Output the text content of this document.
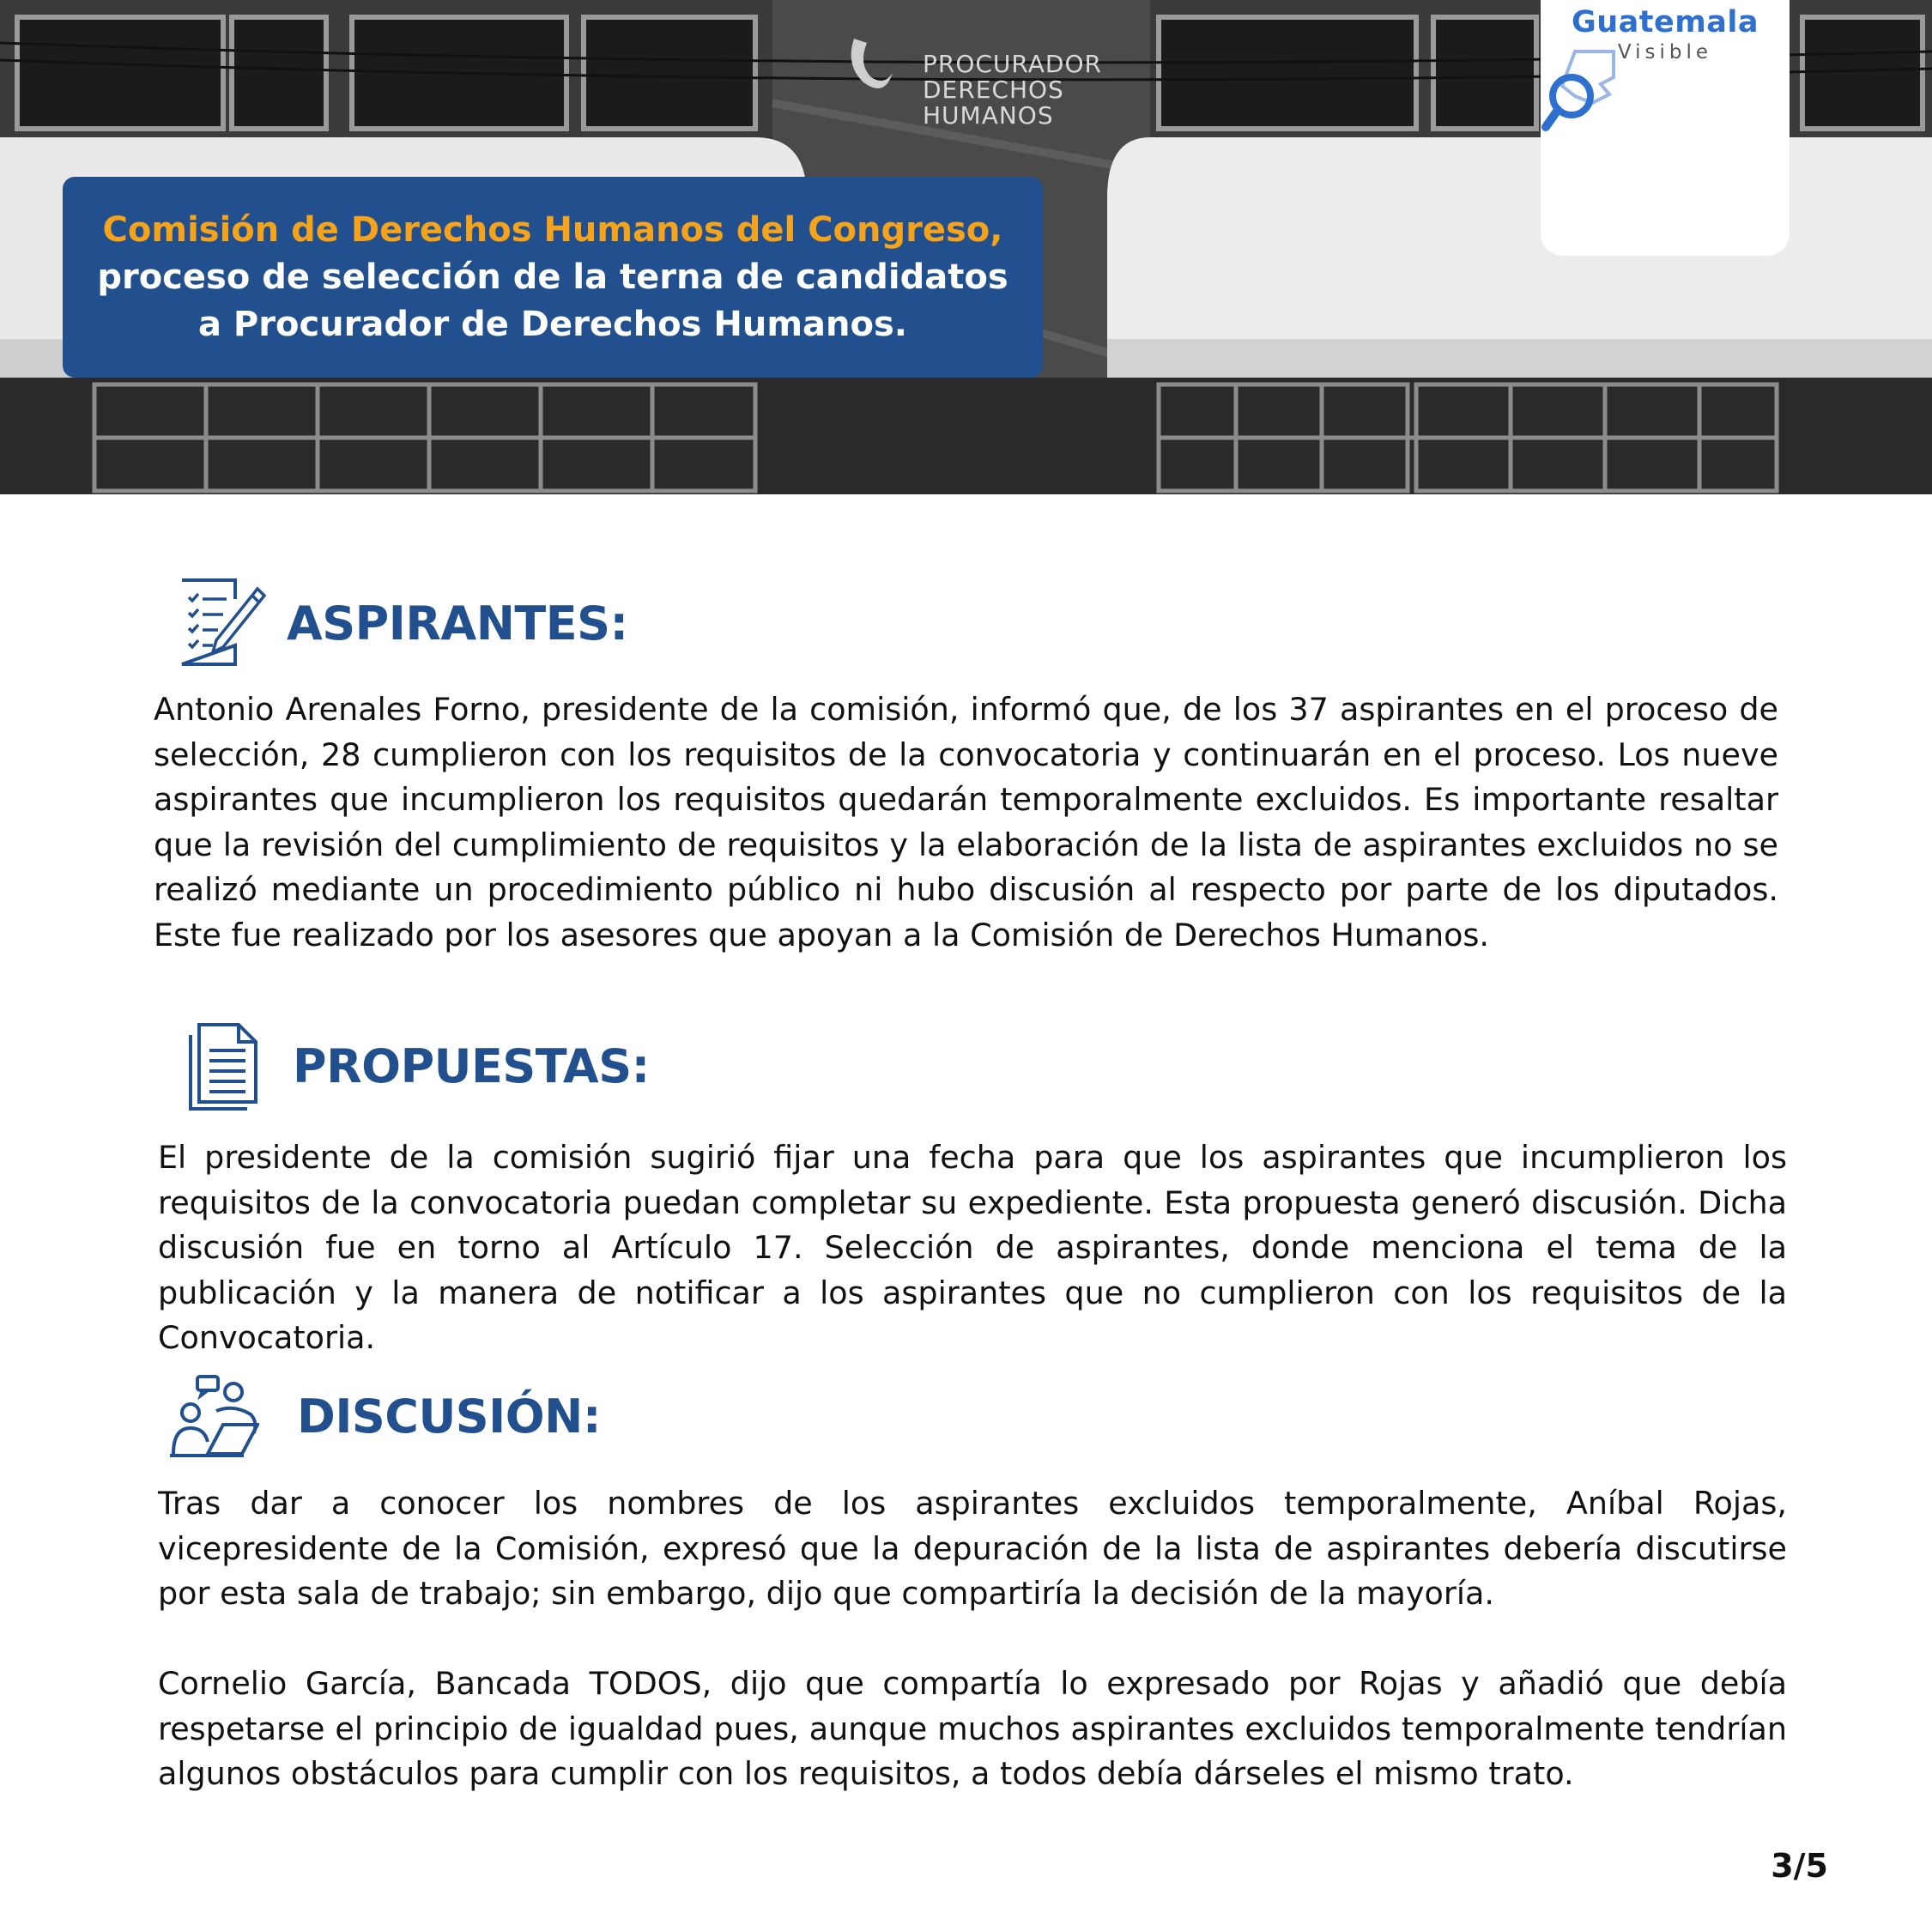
PROCURADOR
DERECHOS
HUMANOS
Comisión de Derechos Humanos del Congreso,
proceso de selección de la terna de candidatos
a Procurador de Derechos Humanos.
Guatemala
Visible
ASPIRANTES:

Antonio Arenales Forno, presidente de la comisión, informó que, de los 37 aspirantes en el proceso de selección, 28 cumplieron con los requisitos de la convocatoria y continuarán en el proceso. Los nueve aspirantes que incumplieron los requisitos quedarán temporalmente excluidos. Es importante resaltar que la revisión del cumplimiento de requisitos y la elaboración de la lista de aspirantes excluidos no se realizó mediante un procedimiento público ni hubo discusión al respecto por parte de los diputados. Este fue realizado por los asesores que apoyan a la Comisión de Derechos Humanos.

PROPUESTAS:

El presidente de la comisión sugirió fijar una fecha para que los aspirantes que incumplieron los requisitos de la convocatoria puedan completar su expediente. Esta propuesta generó discusión. Dicha discusión fue en torno al Artículo 17. Selección de aspirantes, donde menciona el tema de la publicación y la manera de notificar a los aspirantes que no cumplieron con los requisitos de la Convocatoria.

DISCUSIÓN:

Tras dar a conocer los nombres de los aspirantes excluidos temporalmente, Aníbal Rojas, vicepresidente de la Comisión, expresó que la depuración de la lista de aspirantes debería discutirse por esta sala de trabajo; sin embargo, dijo que compartiría la decisión de la mayoría.

Cornelio García, Bancada TODOS, dijo que compartía lo expresado por Rojas y añadió que debía respetarse el principio de igualdad pues, aunque muchos aspirantes excluidos temporalmente tendrían algunos obstáculos para cumplir con los requisitos, a todos debía dárseles el mismo trato.

3/5
